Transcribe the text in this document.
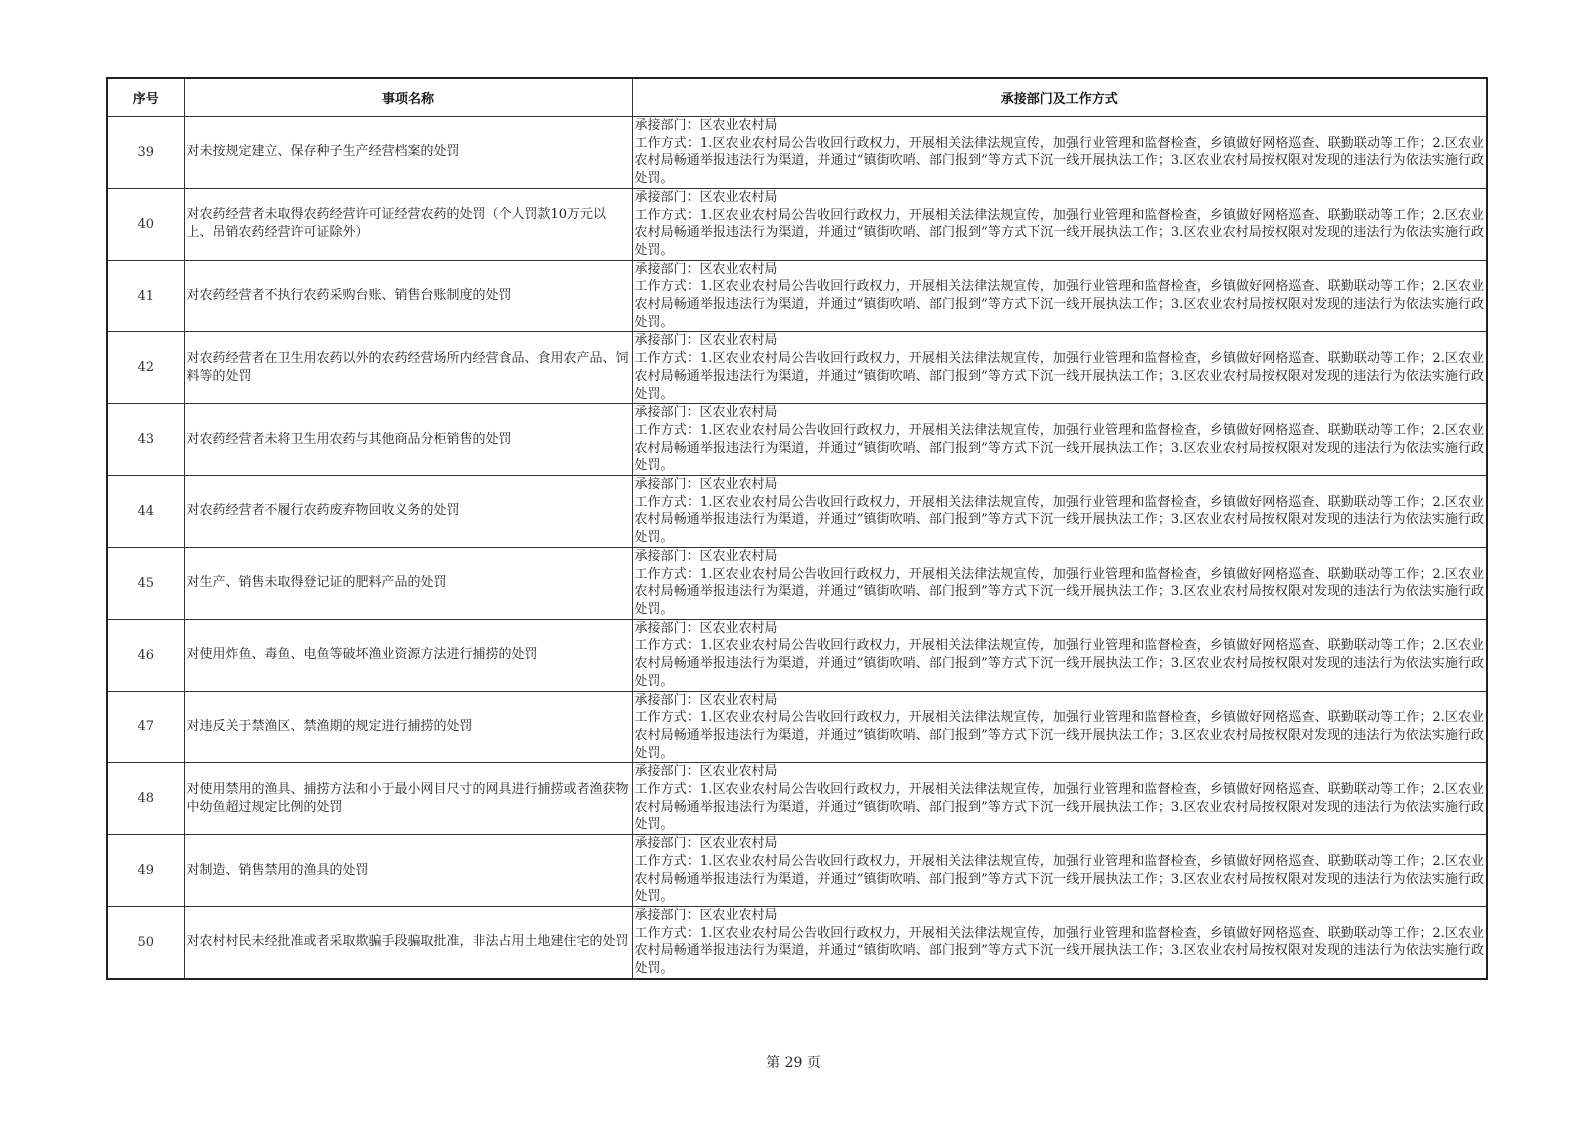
序号	事项名称	承接部门及工作方式
39	对未按规定建立、保存种子生产经营档案的处罚	承接部门：区农业农村局
工作方式：1.区农业农村局公告收回行政权力，开展相关法律法规宣传，加强行业管理和监督检查，乡镇做好网格巡查、联勤联动等工作；2.区农业农村局畅通举报违法行为渠道，并通过“镇街吹哨、部门报到”等方式下沉一线开展执法工作；3.区农业农村局按权限对发现的违法行为依法实施行政处罚。

40	对农药经营者未取得农药经营许可证经营农药的处罚（个人罚款10万元以上、吊销农药经营许可证除外）	承接部门：区农业农村局
工作方式：1.区农业农村局公告收回行政权力，开展相关法律法规宣传，加强行业管理和监督检查，乡镇做好网格巡查、联勤联动等工作；2.区农业农村局畅通举报违法行为渠道，并通过“镇街吹哨、部门报到”等方式下沉一线开展执法工作；3.区农业农村局按权限对发现的违法行为依法实施行政处罚。

41	对农药经营者不执行农药采购台账、销售台账制度的处罚	承接部门：区农业农村局
工作方式：1.区农业农村局公告收回行政权力，开展相关法律法规宣传，加强行业管理和监督检查，乡镇做好网格巡查、联勤联动等工作；2.区农业农村局畅通举报违法行为渠道，并通过“镇街吹哨、部门报到”等方式下沉一线开展执法工作；3.区农业农村局按权限对发现的违法行为依法实施行政处罚。

42	对农药经营者在卫生用农药以外的农药经营场所内经营食品、食用农产品、饲料等的处罚	承接部门：区农业农村局
工作方式：1.区农业农村局公告收回行政权力，开展相关法律法规宣传，加强行业管理和监督检查，乡镇做好网格巡查、联勤联动等工作；2.区农业农村局畅通举报违法行为渠道，并通过“镇街吹哨、部门报到”等方式下沉一线开展执法工作；3.区农业农村局按权限对发现的违法行为依法实施行政处罚。

43	对农药经营者未将卫生用农药与其他商品分柜销售的处罚	承接部门：区农业农村局
工作方式：1.区农业农村局公告收回行政权力，开展相关法律法规宣传，加强行业管理和监督检查，乡镇做好网格巡查、联勤联动等工作；2.区农业农村局畅通举报违法行为渠道，并通过“镇街吹哨、部门报到”等方式下沉一线开展执法工作；3.区农业农村局按权限对发现的违法行为依法实施行政处罚。

44	对农药经营者不履行农药废弃物回收义务的处罚	承接部门：区农业农村局
工作方式：1.区农业农村局公告收回行政权力，开展相关法律法规宣传，加强行业管理和监督检查，乡镇做好网格巡查、联勤联动等工作；2.区农业农村局畅通举报违法行为渠道，并通过“镇街吹哨、部门报到”等方式下沉一线开展执法工作；3.区农业农村局按权限对发现的违法行为依法实施行政处罚。

45	对生产、销售未取得登记证的肥料产品的处罚	承接部门：区农业农村局
工作方式：1.区农业农村局公告收回行政权力，开展相关法律法规宣传，加强行业管理和监督检查，乡镇做好网格巡查、联勤联动等工作；2.区农业农村局畅通举报违法行为渠道，并通过“镇街吹哨、部门报到”等方式下沉一线开展执法工作；3.区农业农村局按权限对发现的违法行为依法实施行政处罚。

46	对使用炸鱼、毒鱼、电鱼等破坏渔业资源方法进行捕捞的处罚	承接部门：区农业农村局
工作方式：1.区农业农村局公告收回行政权力，开展相关法律法规宣传，加强行业管理和监督检查，乡镇做好网格巡查、联勤联动等工作；2.区农业农村局畅通举报违法行为渠道，并通过“镇街吹哨、部门报到”等方式下沉一线开展执法工作；3.区农业农村局按权限对发现的违法行为依法实施行政处罚。

47	对违反关于禁渔区、禁渔期的规定进行捕捞的处罚	承接部门：区农业农村局
工作方式：1.区农业农村局公告收回行政权力，开展相关法律法规宣传，加强行业管理和监督检查，乡镇做好网格巡查、联勤联动等工作；2.区农业农村局畅通举报违法行为渠道，并通过“镇街吹哨、部门报到”等方式下沉一线开展执法工作；3.区农业农村局按权限对发现的违法行为依法实施行政处罚。

48	对使用禁用的渔具、捕捞方法和小于最小网目尺寸的网具进行捕捞或者渔获物中幼鱼超过规定比例的处罚	承接部门：区农业农村局
工作方式：1.区农业农村局公告收回行政权力，开展相关法律法规宣传，加强行业管理和监督检查，乡镇做好网格巡查、联勤联动等工作；2.区农业农村局畅通举报违法行为渠道，并通过“镇街吹哨、部门报到”等方式下沉一线开展执法工作；3.区农业农村局按权限对发现的违法行为依法实施行政处罚。

49	对制造、销售禁用的渔具的处罚	承接部门：区农业农村局
工作方式：1.区农业农村局公告收回行政权力，开展相关法律法规宣传，加强行业管理和监督检查，乡镇做好网格巡查、联勤联动等工作；2.区农业农村局畅通举报违法行为渠道，并通过“镇街吹哨、部门报到”等方式下沉一线开展执法工作；3.区农业农村局按权限对发现的违法行为依法实施行政处罚。

50	对农村村民未经批准或者采取欺骗手段骗取批准，非法占用土地建住宅的处罚	承接部门：区农业农村局
工作方式：1.区农业农村局公告收回行政权力，开展相关法律法规宣传，加强行业管理和监督检查，乡镇做好网格巡查、联勤联动等工作；2.区农业农村局畅通举报违法行为渠道，并通过“镇街吹哨、部门报到”等方式下沉一线开展执法工作；3.区农业农村局按权限对发现的违法行为依法实施行政处罚。
第 29 页
